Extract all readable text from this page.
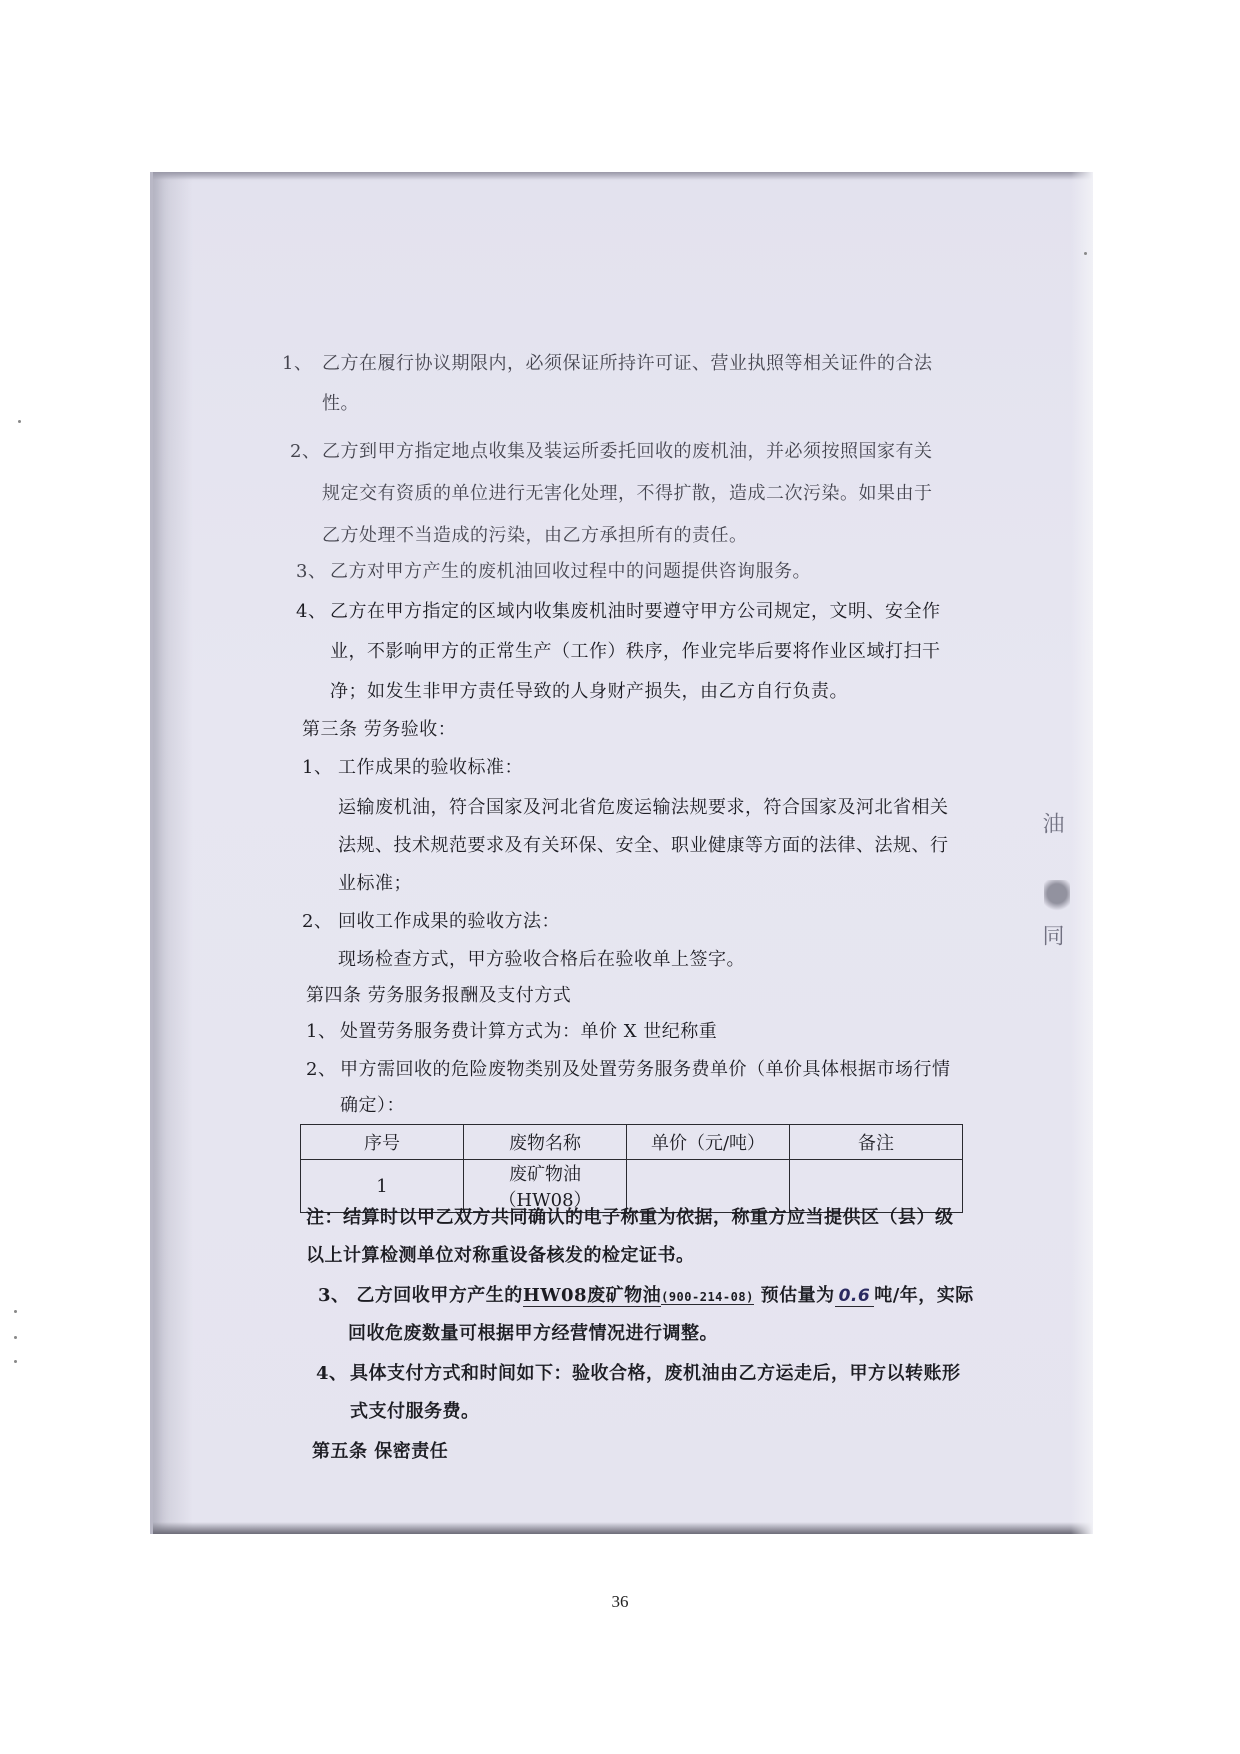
1、 乙方在履行协议期限内，必须保证所持许可证、营业执照等相关证件的合法
性。
2、 乙方到甲方指定地点收集及装运所委托回收的废机油，并必须按照国家有关
规定交有资质的单位进行无害化处理，不得扩散，造成二次污染。如果由于
乙方处理不当造成的污染，由乙方承担所有的责任。
3、 乙方对甲方产生的废机油回收过程中的问题提供咨询服务。
4、 乙方在甲方指定的区域内收集废机油时要遵守甲方公司规定，文明、安全作
业，不影响甲方的正常生产（工作）秩序，作业完毕后要将作业区域打扫干
净；如发生非甲方责任导致的人身财产损失，由乙方自行负责。
第三条 劳务验收：
1、 工作成果的验收标准：
运输废机油，符合国家及河北省危废运输法规要求，符合国家及河北省相关
法规、技术规范要求及有关环保、安全、职业健康等方面的法律、法规、行
业标准；
2、 回收工作成果的验收方法：
现场检查方式，甲方验收合格后在验收单上签字。
第四条 劳务服务报酬及支付方式
1、 处置劳务服务费计算方式为：单价 X 世纪称重
2、 甲方需回收的危险废物类别及处置劳务服务费单价（单价具体根据市场行情
确定）：
序号	废物名称	单价（元/吨）	备注
1	废矿物油（HW08）		
注：结算时以甲乙双方共同确认的电子称重为依据，称重方应当提供区（县）级
以上计算检测单位对称重设备核发的检定证书。
3、 乙方回收甲方产生的HW08废矿物油(900-214-08) 预估量为 0.6 吨/年，实际
回收危废数量可根据甲方经营情况进行调整。
4、 具体支付方式和时间如下：验收合格，废机油由乙方运走后，甲方以转账形
式支付服务费。
第五条 保密责任
油
同
36
